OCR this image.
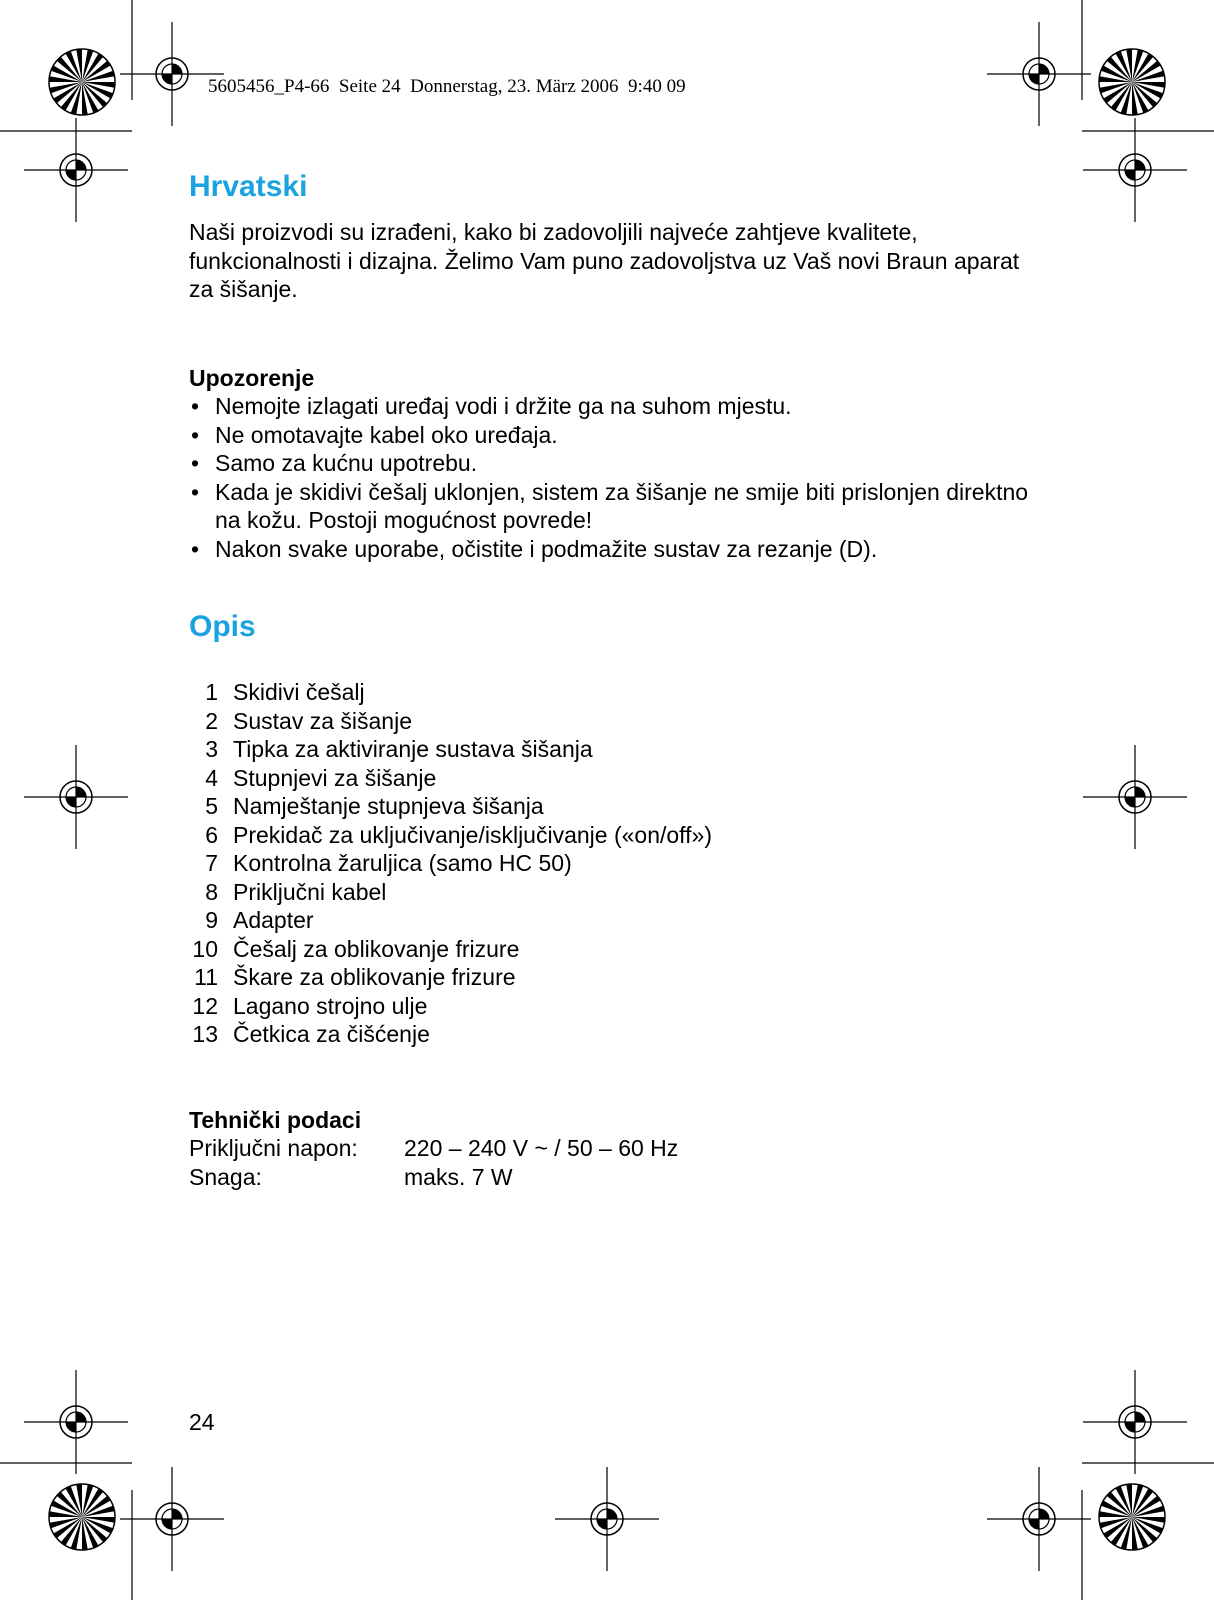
5605456_P4-66  Seite 24  Donnerstag, 23. März 2006  9:40 09
Hrvatski

Naši proizvodi su izrađeni, kako bi zadovoljili najveće zahtjeve kvalitete, funkcionalnosti i dizajna. Želimo Vam puno zadovoljstva uz Vaš novi Braun aparat za šišanje.

Upozorenje
• Nemojte izlagati uređaj vodi i držite ga na suhom mjestu.
• Ne omotavajte kabel oko uređaja.
• Samo za kućnu upotrebu.
• Kada je skidivi češalj uklonjen, sistem za šišanje ne smije biti prislonjen direktno na kožu. Postoji mogućnost povrede!
• Nakon svake uporabe, očistite i podmažite sustav za rezanje (D).
Opis
1 Skidivi češalj
2 Sustav za šišanje
3 Tipka za aktiviranje sustava šišanja
4 Stupnjevi za šišanje
5 Namještanje stupnjeva šišanja
6 Prekidač za uključivanje/isključivanje («on/off»)
7 Kontrolna žaruljica (samo HC 50)
8 Priključni kabel
9 Adapter
10 Češalj za oblikovanje frizure
11 Škare za oblikovanje frizure
12 Lagano strojno ulje
13 Četkica za čišćenje
Tehnički podaci
Priključni napon:	220 – 240 V ~ / 50 – 60 Hz
Snaga:	maks. 7 W
24
